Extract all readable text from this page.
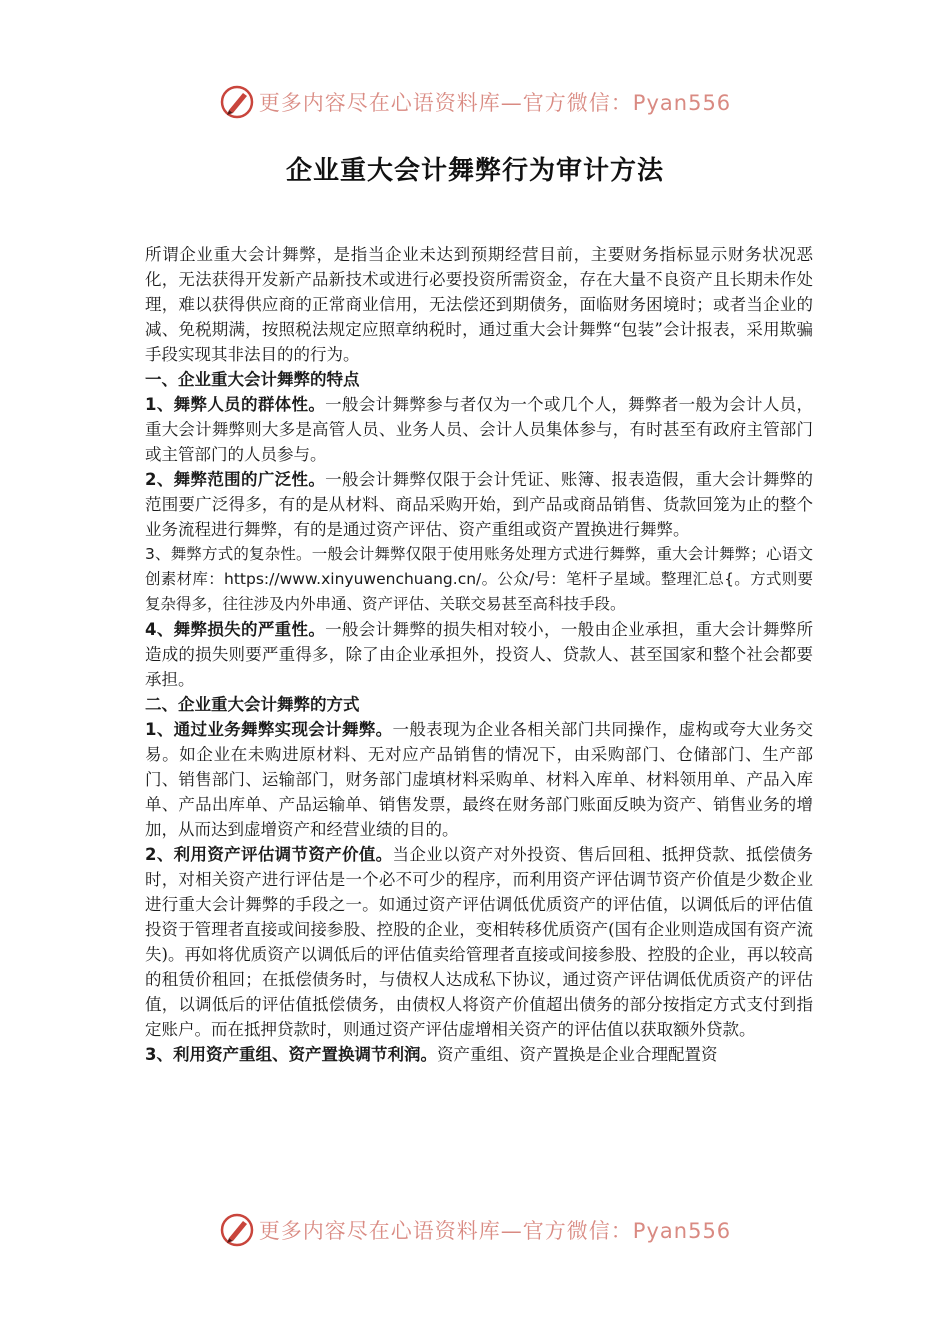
更多内容尽在心语资料库—官方微信：Pyan556
企业重大会计舞弊行为审计方法

所谓企业重大会计舞弊，是指当企业未达到预期经营目前，主要财务指标显示财务状况恶化，无法获得开发新产品新技术或进行必要投资所需资金，存在大量不良资产且长期未作处理，难以获得供应商的正常商业信用，无法偿还到期债务，面临财务困境时；或者当企业的减、免税期满，按照税法规定应照章纳税时，通过重大会计舞弊“包装”会计报表，采用欺骗手段实现其非法目的的行为。

一、企业重大会计舞弊的特点

1、舞弊人员的群体性。一般会计舞弊参与者仅为一个或几个人，舞弊者一般为会计人员，重大会计舞弊则大多是高管人员、业务人员、会计人员集体参与，有时甚至有政府主管部门或主管部门的人员参与。

2、舞弊范围的广泛性。一般会计舞弊仅限于会计凭证、账簿、报表造假，重大会计舞弊的范围要广泛得多，有的是从材料、商品采购开始，到产品或商品销售、货款回笼为止的整个业务流程进行舞弊，有的是通过资产评估、资产重组或资产置换进行舞弊。

3、舞弊方式的复杂性。一般会计舞弊仅限于使用账务处理方式进行舞弊，重大会计舞弊；心语文创素材库：https://www.xinyuwenchuang.cn/。公众/号：笔杆子星域。整理汇总{。方式则要复杂得多，往往涉及内外串通、资产评估、关联交易甚至高科技手段。

4、舞弊损失的严重性。一般会计舞弊的损失相对较小，一般由企业承担，重大会计舞弊所造成的损失则要严重得多，除了由企业承担外，投资人、贷款人、甚至国家和整个社会都要承担。

二、企业重大会计舞弊的方式

1、通过业务舞弊实现会计舞弊。一般表现为企业各相关部门共同操作，虚构或夸大业务交易。如企业在未购进原材料、无对应产品销售的情况下，由采购部门、仓储部门、生产部门、销售部门、运输部门，财务部门虚填材料采购单、材料入库单、材料领用单、产品入库单、产品出库单、产品运输单、销售发票，最终在财务部门账面反映为资产、销售业务的增加，从而达到虚增资产和经营业绩的目的。

2、利用资产评估调节资产价值。当企业以资产对外投资、售后回租、抵押贷款、抵偿债务时，对相关资产进行评估是一个必不可少的程序，而利用资产评估调节资产价值是少数企业进行重大会计舞弊的手段之一。如通过资产评估调低优质资产的评估值，以调低后的评估值投资于管理者直接或间接参股、控股的企业，变相转移优质资产(国有企业则造成国有资产流失)。再如将优质资产以调低后的评估值卖给管理者直接或间接参股、控股的企业，再以较高的租赁价租回；在抵偿债务时，与债权人达成私下协议，通过资产评估调低优质资产的评估值，以调低后的评估值抵偿债务，由债权人将资产价值超出债务的部分按指定方式支付到指定账户。而在抵押贷款时，则通过资产评估虚增相关资产的评估值以获取额外贷款。

3、利用资产重组、资产置换调节利润。资产重组、资产置换是企业合理配置资

更多内容尽在心语资料库—官方微信：Pyan556
